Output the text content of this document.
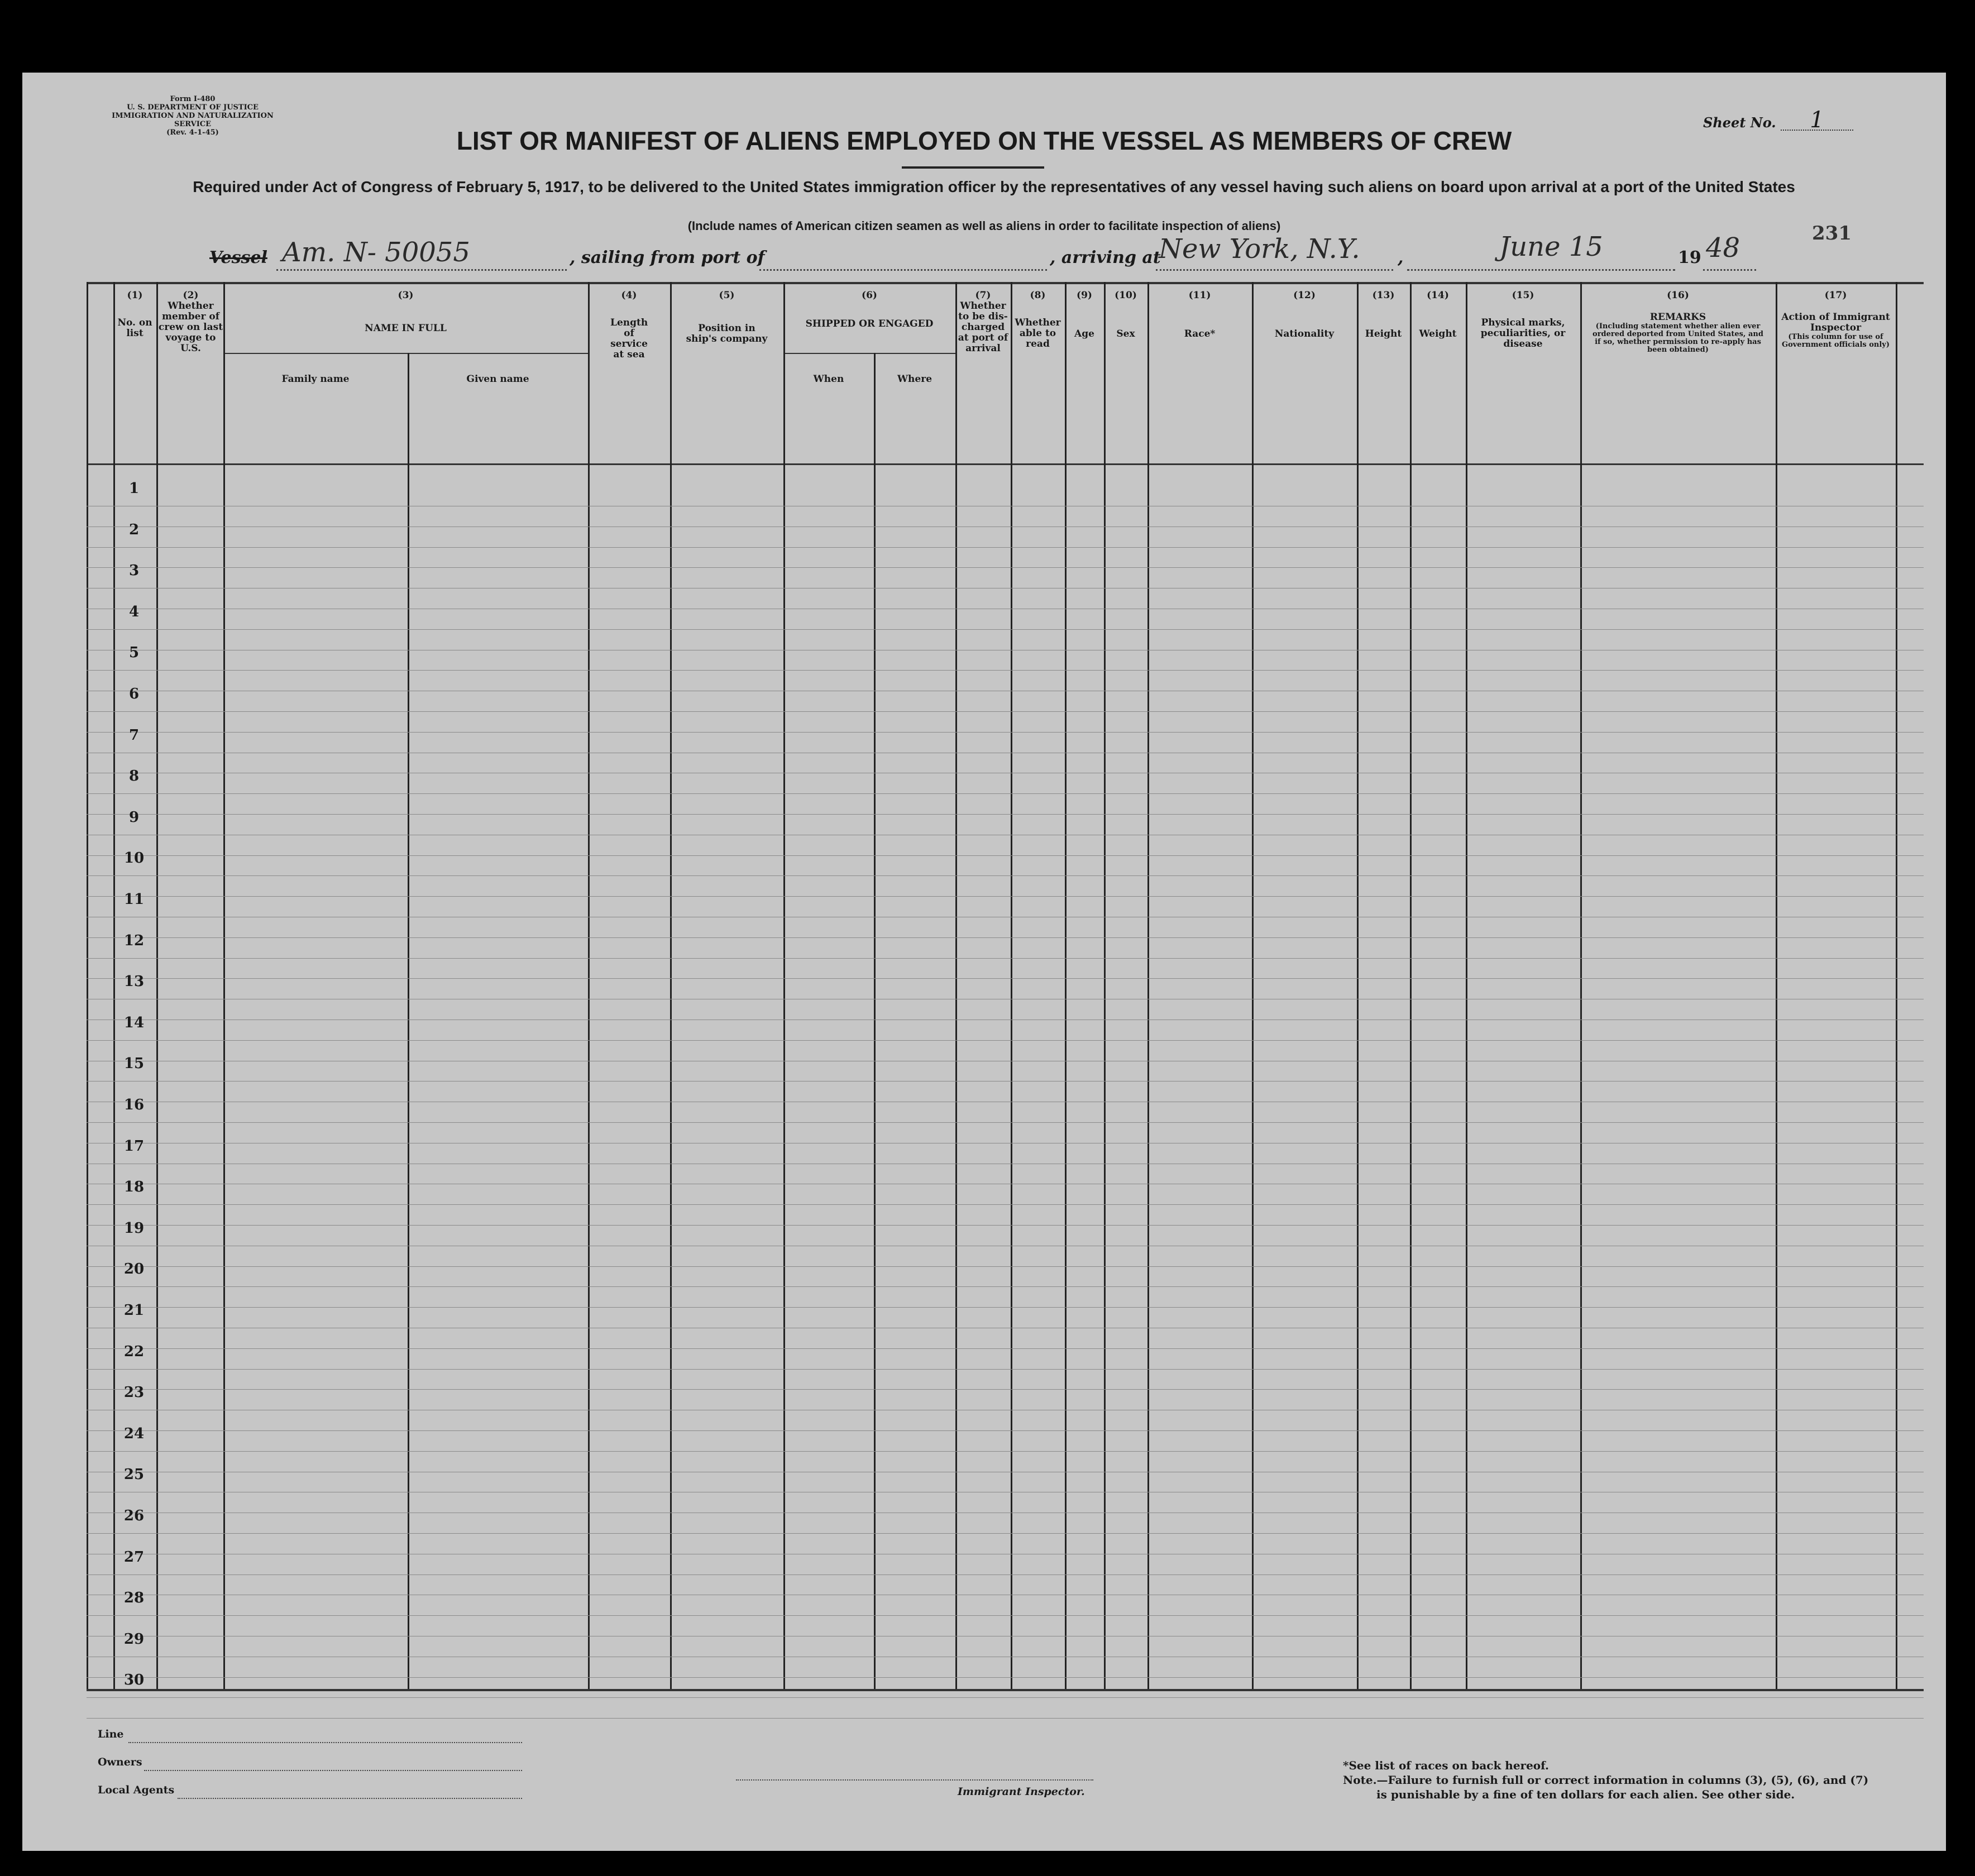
Form I-480
U. S. DEPARTMENT OF JUSTICE
IMMIGRATION AND NATURALIZATION SERVICE
(Rev. 4-1-45)
Sheet No. 1
LIST OR MANIFEST OF ALIENS EMPLOYED ON THE VESSEL AS MEMBERS OF CREW
Required under Act of Congress of February 5, 1917, to be delivered to the United States immigration officer by the representatives of any vessel having such aliens on board upon arrival at a port of the United States
(Include names of American citizen seamen as well as aliens in order to facilitate inspection of aliens)	231
Vessel Am. N- 50055	, sailing from port of	, arriving at
New York, N.Y. ,	June 15	19 48
(1)
No. on list
(2)
Whether member of crew on last voyage to U.S.
(3)
NAME IN FULL
Family name	Given name
(4)
Length of service at sea
(5)
Position in ship's company
(6)
SHIPPED OR ENGAGED
When	Where
(7)
Whether to be dis-charged at port of arrival
(8)
Whether able to read
(9)
Age
(10)
Sex
(11)
Race*
(12)
Nationality
(13)
Height
(14)
Weight
(15)
Physical marks, peculiarities, or disease
(16)
REMARKS
(Including statement whether alien ever ordered deported from United States, and if so, whether permission to re-apply has been obtained)
(17)
Action of Immigrant Inspector
(This column for use of Government officials only)
1
2
3
4
5
6
7
8
9
10
11
12
13
14
15
16
17
18
19
20
21
22
23
24
25
26
27
28
29
30
Line
Owners
Local Agents	Immigrant Inspector.
*See list of races on back hereof.
Note.—Failure to furnish full or correct information in columns (3), (5), (6), and (7)
is punishable by a fine of ten dollars for each alien. See other side.
